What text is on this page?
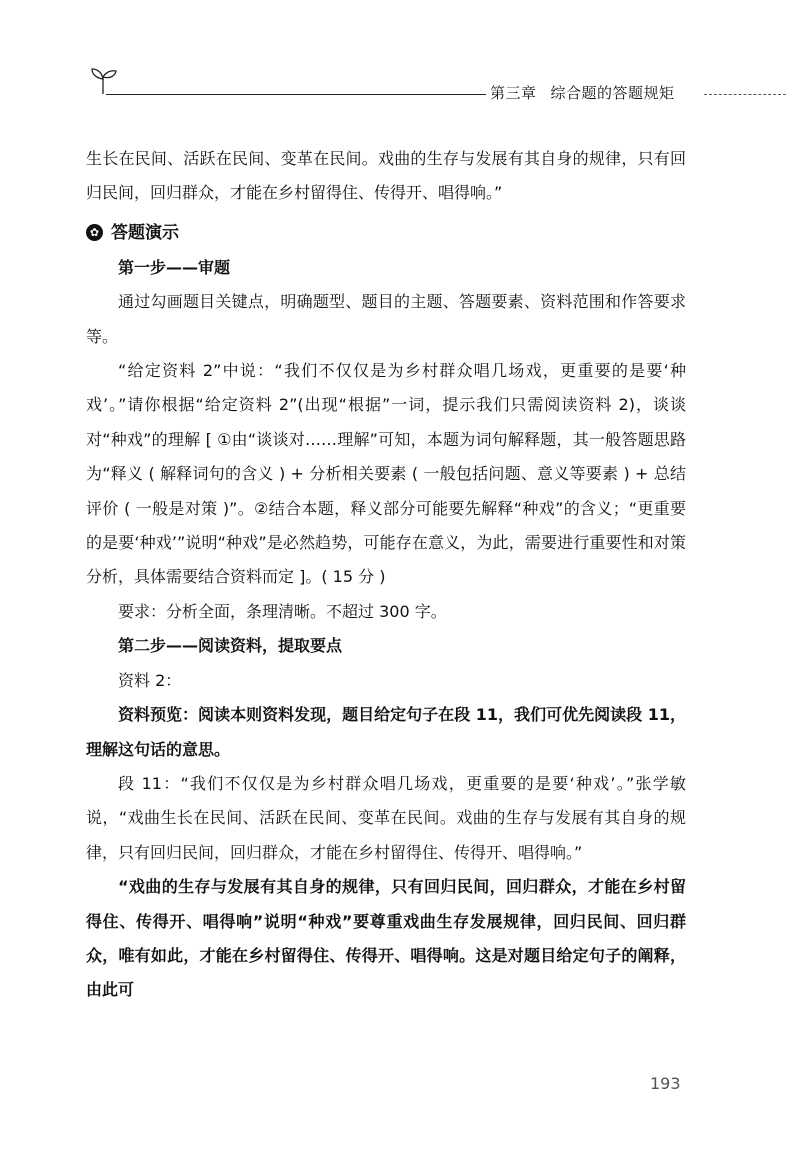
第三章 综合题的答题规矩

生长在民间、活跃在民间、变革在民间。戏曲的生存与发展有其自身的规律，只有回归民间，回归群众，才能在乡村留得住、传得开、唱得响。”

✿ 答题演示

第一步——审题

通过勾画题目关键点，明确题型、题目的主题、答题要素、资料范围和作答要求等。

“给定资料 2”中说：“我们不仅仅是为乡村群众唱几场戏，更重要的是要‘种戏’。”请你根据“给定资料 2”(出现“根据”一词，提示我们只需阅读资料 2)，谈谈对“种戏”的理解 [ ①由“谈谈对……理解”可知，本题为词句解释题，其一般答题思路为“释义 ( 解释词句的含义 ) + 分析相关要素 ( 一般包括问题、意义等要素 ) + 总结评价 ( 一般是对策 )”。②结合本题，释义部分可能要先解释“种戏”的含义；“更重要的是要‘种戏’”说明“种戏”是必然趋势，可能存在意义，为此，需要进行重要性和对策分析，具体需要结合资料而定 ]。( 15 分 )

要求：分析全面，条理清晰。不超过 300 字。

第二步——阅读资料，提取要点

资料 2：

资料预览：阅读本则资料发现，题目给定句子在段 11，我们可优先阅读段 11，理解这句话的意思。

段 11：“我们不仅仅是为乡村群众唱几场戏，更重要的是要‘种戏’。”张学敏说，“戏曲生长在民间、活跃在民间、变革在民间。戏曲的生存与发展有其自身的规律，只有回归民间，回归群众，才能在乡村留得住、传得开、唱得响。”

“戏曲的生存与发展有其自身的规律，只有回归民间，回归群众，才能在乡村留得住、传得开、唱得响”说明“种戏”要尊重戏曲生存发展规律，回归民间、回归群众，唯有如此，才能在乡村留得住、传得开、唱得响。这是对题目给定句子的阐释，由此可

193
